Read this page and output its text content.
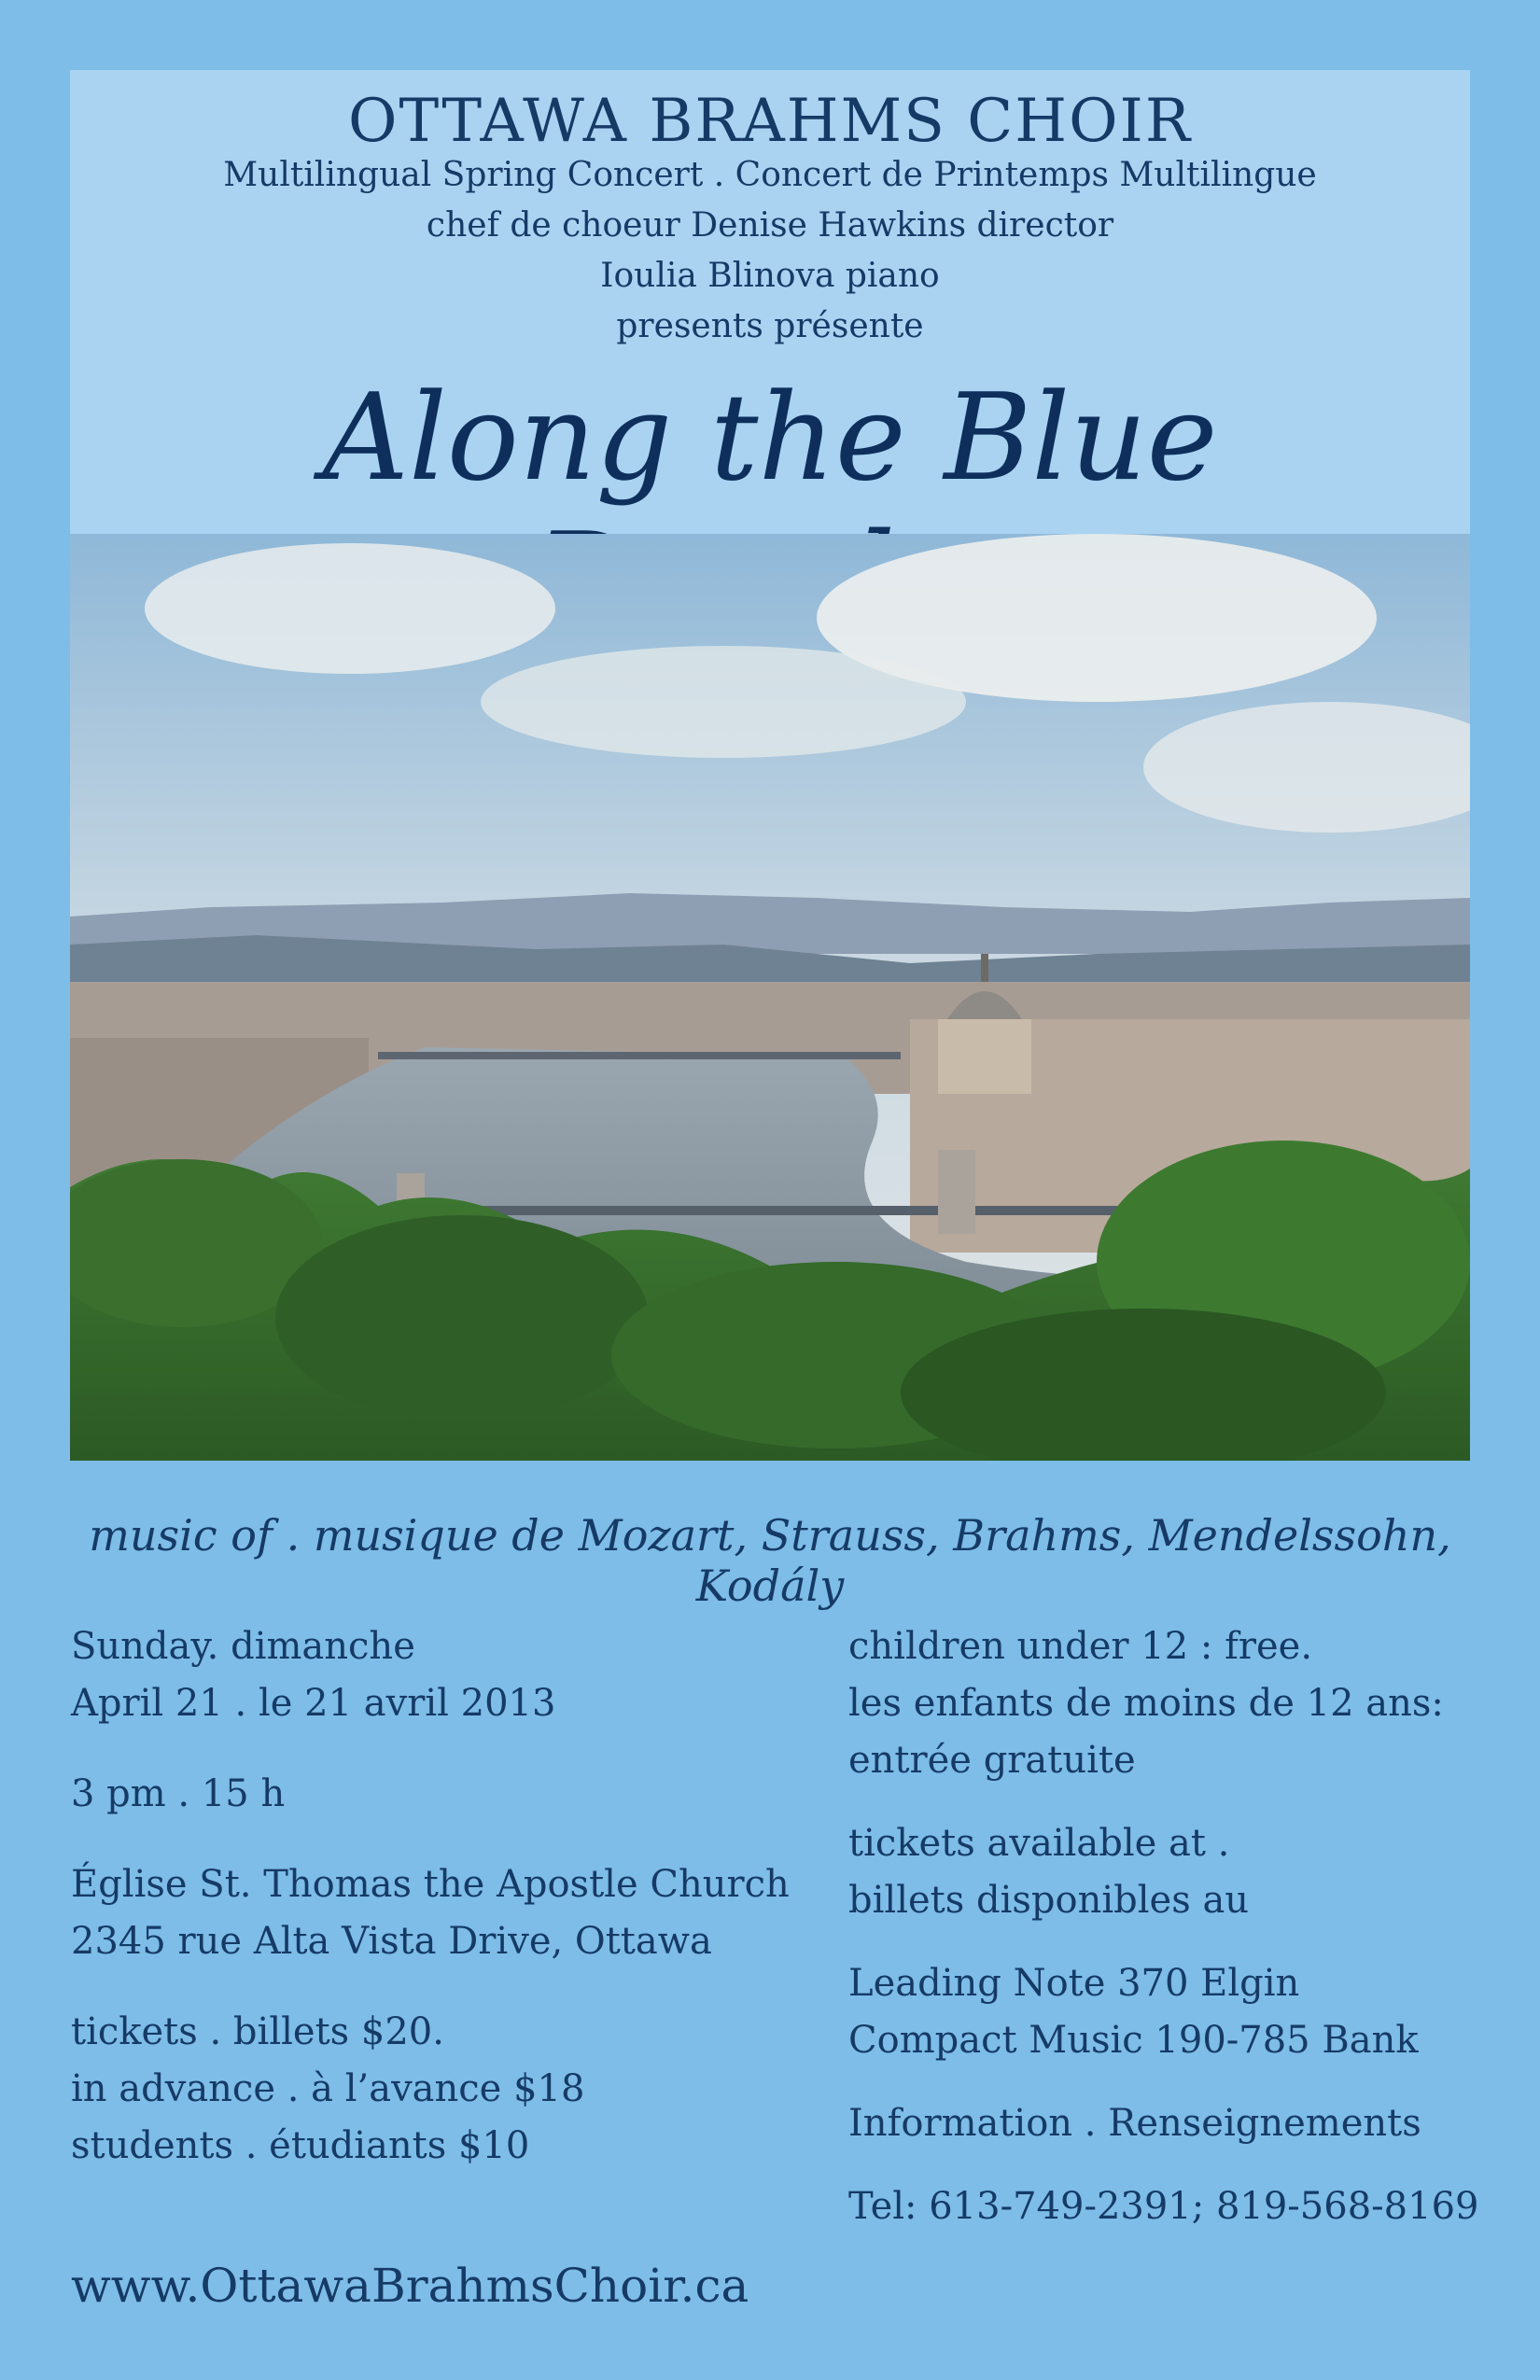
OTTAWA BRAHMS CHOIR
Multilingual Spring Concert . Concert de Printemps Multilingue
chef de choeur Denise Hawkins director
Ioulia Blinova piano
presents présente
Along the Blue
music of . musique de Mozart, Strauss, Brahms, Mendelssohn, Kodály
Sunday. dimanche
April 21 . le 21 avril 2013
3 pm . 15 h
Église St. Thomas the Apostle Church
2345 rue Alta Vista Drive, Ottawa
tickets . billets $20.
in advance . à l’avance $18
students . étudiants $10
children under 12 : free.
les enfants de moins de 12 ans:
entrée gratuite
tickets available at .
billets disponibles au
Leading Note 370 Elgin
Compact Music 190-785 Bank
Information . Renseignements
Tel: 613-749-2391; 819-568-8169
www.OttawaBrahmsChoir.ca
